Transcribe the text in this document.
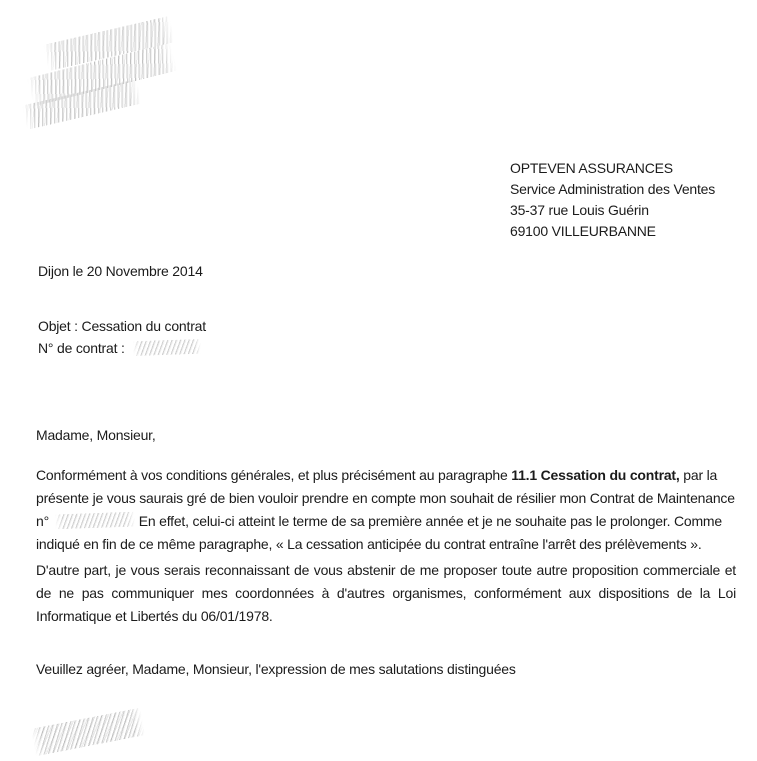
OPTEVEN ASSURANCES
Service Administration des Ventes
35-37 rue Louis Guérin
69100 VILLEURBANNE
Dijon le 20 Novembre 2014
Objet : Cessation du contrat
N° de contrat :

Madame, Monsieur,

Conformément à vos conditions générales, et plus précisément au paragraphe 11.1 Cessation du contrat, par la présente je vous saurais gré de bien vouloir prendre en compte mon souhait de résilier mon Contrat de Maintenance n°	En effet, celui-ci atteint le terme de sa première année et je ne souhaite pas le prolonger. Comme indiqué en fin de ce même paragraphe, « La cessation anticipée du contrat entraîne l'arrêt des prélèvements ».

D'autre part, je vous serais reconnaissant de vous abstenir de me proposer toute autre proposition commerciale et de ne pas communiquer mes coordonnées à d'autres organismes, conformément aux dispositions de la Loi Informatique et Libertés du 06/01/1978.

Veuillez agréer, Madame, Monsieur, l'expression de mes salutations distinguées
